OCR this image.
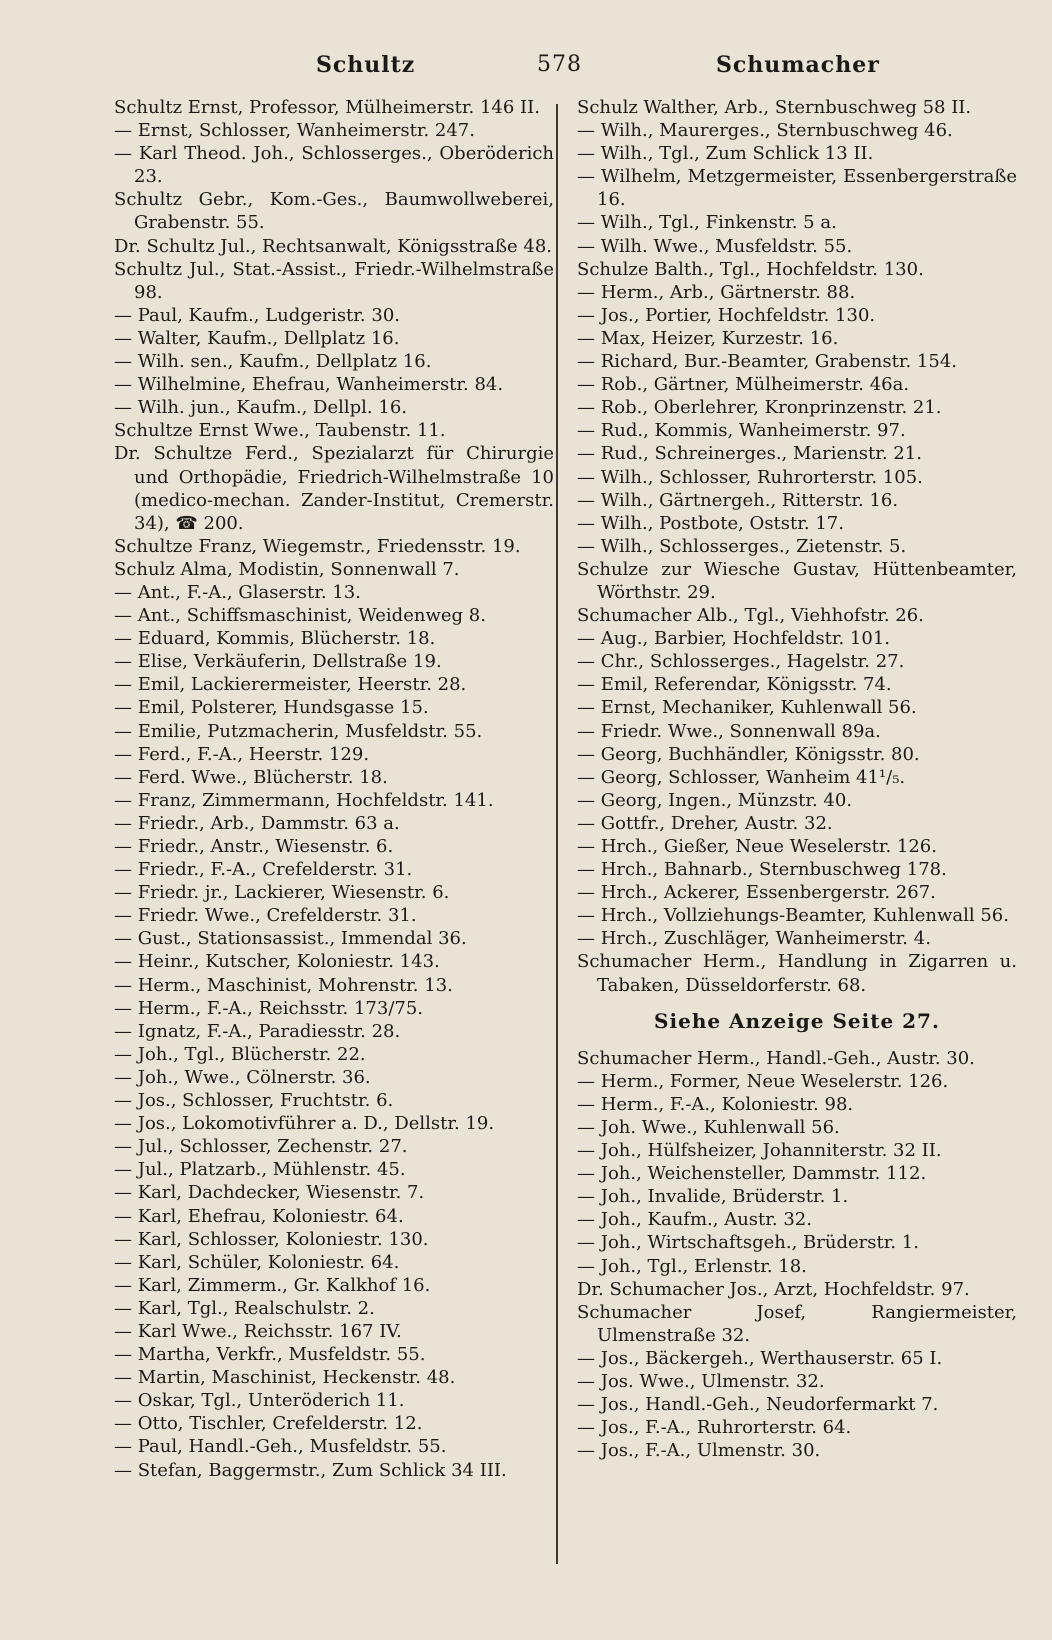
Schultz	578	Schumacher

Schultz Ernst, Professor, Mülheimerstr. 146 II.

— Ernst, Schlosser, Wanheimerstr. 247.

— Karl Theod. Joh., Schlosserges., Oberöderich 23.

Schultz Gebr., Kom.-Ges., Baumwollweberei, Grabenstr. 55.

Dr. Schultz Jul., Rechtsanwalt, Königsstraße 48.

Schultz Jul., Stat.-Assist., Friedr.-Wilhelmstraße 98.

— Paul, Kaufm., Ludgeristr. 30.

— Walter, Kaufm., Dellplatz 16.

— Wilh. sen., Kaufm., Dellplatz 16.

— Wilhelmine, Ehefrau, Wanheimerstr. 84.

— Wilh. jun., Kaufm., Dellpl. 16.

Schultze Ernst Wwe., Taubenstr. 11.

Dr. Schultze Ferd., Spezialarzt für Chirurgie und Orthopädie, Friedrich-Wilhelmstraße 10 (medico-mechan. Zander-Institut, Cremerstr. 34), ☎ 200.

Schultze Franz, Wiegemstr., Friedensstr. 19.

Schulz Alma, Modistin, Sonnenwall 7.

— Ant., F.-A., Glaserstr. 13.

— Ant., Schiffsmaschinist, Weidenweg 8.

— Eduard, Kommis, Blücherstr. 18.

— Elise, Verkäuferin, Dellstraße 19.

— Emil, Lackierermeister, Heerstr. 28.

— Emil, Polsterer, Hundsgasse 15.

— Emilie, Putzmacherin, Musfeldstr. 55.

— Ferd., F.-A., Heerstr. 129.

— Ferd. Wwe., Blücherstr. 18.

— Franz, Zimmermann, Hochfeldstr. 141.

— Friedr., Arb., Dammstr. 63 a.

— Friedr., Anstr., Wiesenstr. 6.

— Friedr., F.-A., Crefelderstr. 31.

— Friedr. jr., Lackierer, Wiesenstr. 6.

— Friedr. Wwe., Crefelderstr. 31.

— Gust., Stationsassist., Immendal 36.

— Heinr., Kutscher, Koloniestr. 143.

— Herm., Maschinist, Mohrenstr. 13.

— Herm., F.-A., Reichsstr. 173/75.

— Ignatz, F.-A., Paradiesstr. 28.

— Joh., Tgl., Blücherstr. 22.

— Joh., Wwe., Cölnerstr. 36.

— Jos., Schlosser, Fruchtstr. 6.

— Jos., Lokomotivführer a. D., Dellstr. 19.

— Jul., Schlosser, Zechenstr. 27.

— Jul., Platzarb., Mühlenstr. 45.

— Karl, Dachdecker, Wiesenstr. 7.

— Karl, Ehefrau, Koloniestr. 64.

— Karl, Schlosser, Koloniestr. 130.

— Karl, Schüler, Koloniestr. 64.

— Karl, Zimmerm., Gr. Kalkhof 16.

— Karl, Tgl., Realschulstr. 2.

— Karl Wwe., Reichsstr. 167 IV.

— Martha, Verkfr., Musfeldstr. 55.

— Martin, Maschinist, Heckenstr. 48.

— Oskar, Tgl., Unteröderich 11.

— Otto, Tischler, Crefelderstr. 12.

— Paul, Handl.-Geh., Musfeldstr. 55.

— Stefan, Baggermstr., Zum Schlick 34 III.

Schulz Walther, Arb., Sternbuschweg 58 II.

— Wilh., Maurerges., Sternbuschweg 46.

— Wilh., Tgl., Zum Schlick 13 II.

— Wilhelm, Metzgermeister, Essenbergerstraße 16.

— Wilh., Tgl., Finkenstr. 5 a.

— Wilh. Wwe., Musfeldstr. 55.

Schulze Balth., Tgl., Hochfeldstr. 130.

— Herm., Arb., Gärtnerstr. 88.

— Jos., Portier, Hochfeldstr. 130.

— Max, Heizer, Kurzestr. 16.

— Richard, Bur.-Beamter, Grabenstr. 154.

— Rob., Gärtner, Mülheimerstr. 46a.

— Rob., Oberlehrer, Kronprinzenstr. 21.

— Rud., Kommis, Wanheimerstr. 97.

— Rud., Schreinerges., Marienstr. 21.

— Wilh., Schlosser, Ruhrorterstr. 105.

— Wilh., Gärtnergeh., Ritterstr. 16.

— Wilh., Postbote, Oststr. 17.

— Wilh., Schlosserges., Zietenstr. 5.

Schulze zur Wiesche Gustav, Hüttenbeamter, Wörthstr. 29.

Schumacher Alb., Tgl., Viehhofstr. 26.

— Aug., Barbier, Hochfeldstr. 101.

— Chr., Schlosserges., Hagelstr. 27.

— Emil, Referendar, Königsstr. 74.

— Ernst, Mechaniker, Kuhlenwall 56.

— Friedr. Wwe., Sonnenwall 89a.

— Georg, Buchhändler, Königsstr. 80.

— Georg, Schlosser, Wanheim 41¹/₅.

— Georg, Ingen., Münzstr. 40.

— Gottfr., Dreher, Austr. 32.

— Hrch., Gießer, Neue Weselerstr. 126.

— Hrch., Bahnarb., Sternbuschweg 178.

— Hrch., Ackerer, Essenbergerstr. 267.

— Hrch., Vollziehungs-Beamter, Kuhlenwall 56.

— Hrch., Zuschläger, Wanheimerstr. 4.

Schumacher Herm., Handlung in Zigarren u. Tabaken, Düsseldorferstr. 68.

Siehe Anzeige Seite 27.

Schumacher Herm., Handl.-Geh., Austr. 30.

— Herm., Former, Neue Weselerstr. 126.

— Herm., F.-A., Koloniestr. 98.

— Joh. Wwe., Kuhlenwall 56.

— Joh., Hülfsheizer, Johanniterstr. 32 II.

— Joh., Weichensteller, Dammstr. 112.

— Joh., Invalide, Brüderstr. 1.

— Joh., Kaufm., Austr. 32.

— Joh., Wirtschaftsgeh., Brüderstr. 1.

— Joh., Tgl., Erlenstr. 18.

Dr. Schumacher Jos., Arzt, Hochfeldstr. 97.

Schumacher Josef, Rangiermeister, Ulmenstraße 32.

— Jos., Bäckergeh., Werthauserstr. 65 I.

— Jos. Wwe., Ulmenstr. 32.

— Jos., Handl.-Geh., Neudorfermarkt 7.

— Jos., F.-A., Ruhrorterstr. 64.

— Jos., F.-A., Ulmenstr. 30.
